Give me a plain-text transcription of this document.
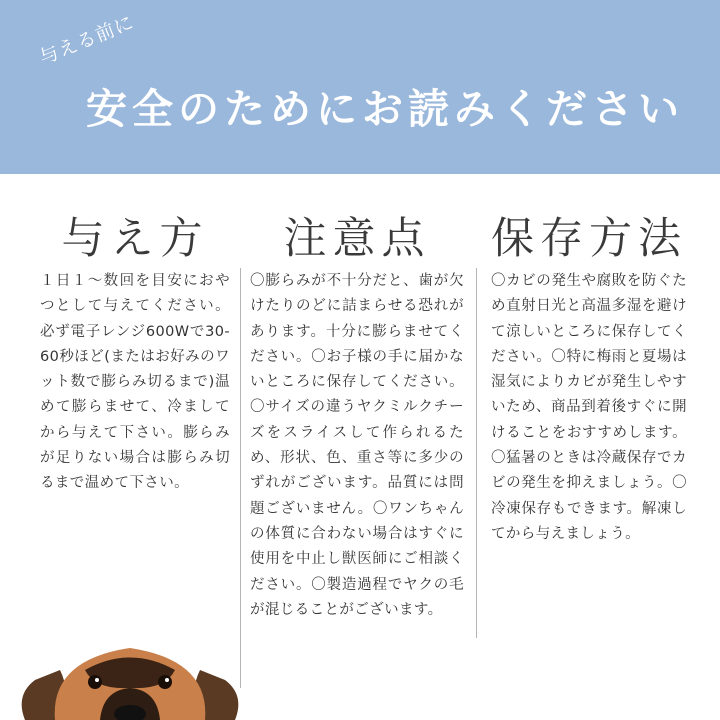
与える前に
安全のためにお読みください
与え方

１日１〜数回を目安におやつとして与えてください。必ず電子レンジ600Wで30-60秒ほど(またはお好みのワット数で膨らみ切るまで)温めて膨らませて、冷ましてから与えて下さい。膨らみが足りない場合は膨らみ切るまで温めて下さい。

注意点

〇膨らみが不十分だと、歯が欠けたりのどに詰まらせる恐れがあります。十分に膨らませてください。〇お子様の手に届かないところに保存してください。〇サイズの違うヤクミルクチーズをスライスして作られるため、形状、色、重さ等に多少のずれがございます。品質には問題ございません。〇ワンちゃんの体質に合わない場合はすぐに使用を中止し獣医師にご相談ください。〇製造過程でヤクの毛が混じることがございます。

保存方法

〇カビの発生や腐敗を防ぐため直射日光と高温多湿を避けて涼しいところに保存してください。〇特に梅雨と夏場は湿気によりカビが発生しやすいため、商品到着後すぐに開けることをおすすめします。〇猛暑のときは冷蔵保存でカビの発生を抑えましょう。〇冷凍保存もできます。解凍してから与えましょう。
